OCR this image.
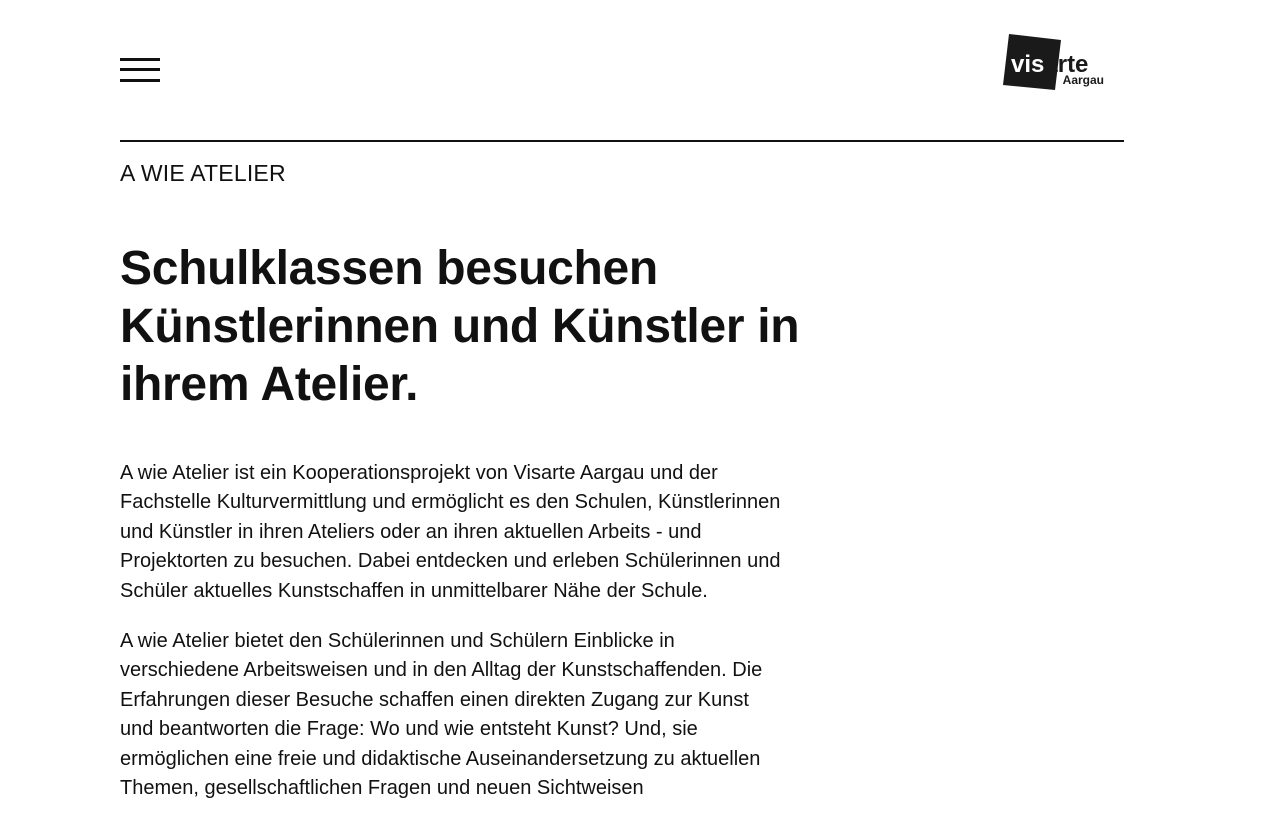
visarte
Aargau
A WIE ATELIER
Schulklassen besuchen Künstlerinnen und Künstler in ihrem Atelier.

A wie Atelier ist ein Kooperationsprojekt von Visarte Aargau und der Fachstelle Kulturvermittlung und ermöglicht es den Schulen, Künstlerinnen und Künstler in ihren Ateliers oder an ihren aktuellen Arbeits - und Projektorten zu besuchen. Dabei entdecken und erleben Schülerinnen und Schüler aktuelles Kunstschaffen in unmittelbarer Nähe der Schule.

A wie Atelier bietet den Schülerinnen und Schülern Einblicke in verschiedene Arbeitsweisen und in den Alltag der Kunstschaffenden. Die Erfahrungen dieser Besuche schaffen einen direkten Zugang zur Kunst und beantworten die Frage: Wo und wie entsteht Kunst? Und, sie ermöglichen eine freie und didaktische Auseinandersetzung zu aktuellen Themen, gesellschaftlichen Fragen und neuen Sichtweisen
